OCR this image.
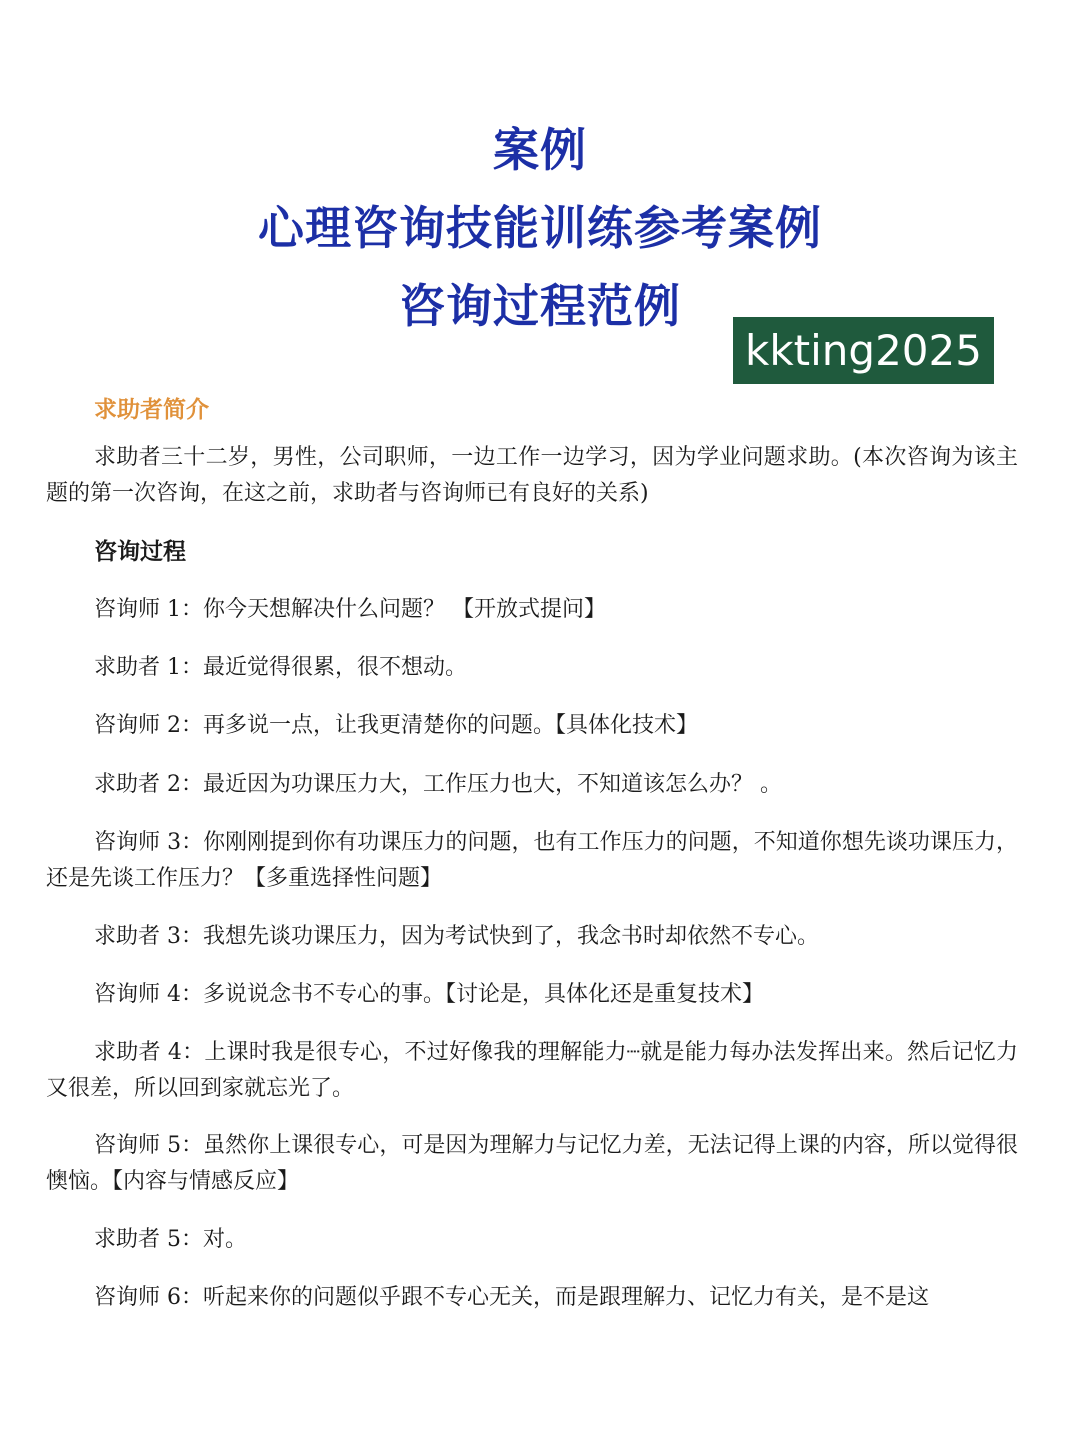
案例
心理咨询技能训练参考案例
咨询过程范例
kkting2025
求助者简介
求助者三十二岁，男性，公司职师，一边工作一边学习，因为学业问题求助。(本次咨询为该主题的第一次咨询，在这之前，求助者与咨询师已有良好的关系)
咨询过程
咨询师 1：你今天想解决什么问题？ 【开放式提问】
求助者 1：最近觉得很累，很不想动。
咨询师 2：再多说一点，让我更清楚你的问题。【具体化技术】
求助者 2：最近因为功课压力大，工作压力也大，不知道该怎么办？ 。
咨询师 3：你刚刚提到你有功课压力的问题，也有工作压力的问题，不知道你想先谈功课压力，还是先谈工作压力？【多重选择性问题】
求助者 3：我想先谈功课压力，因为考试快到了，我念书时却依然不专心。
咨询师 4：多说说念书不专心的事。【讨论是，具体化还是重复技术】
求助者 4：上课时我是很专心，不过好像我的理解能力┈就是能力每办法发挥出来。然后记忆力又很差，所以回到家就忘光了。
咨询师 5：虽然你上课很专心，可是因为理解力与记忆力差，无法记得上课的内容，所以觉得很懊恼。【内容与情感反应】
求助者 5：对。
咨询师 6：听起来你的问题似乎跟不专心无关，而是跟理解力、记忆力有关，是不是这
